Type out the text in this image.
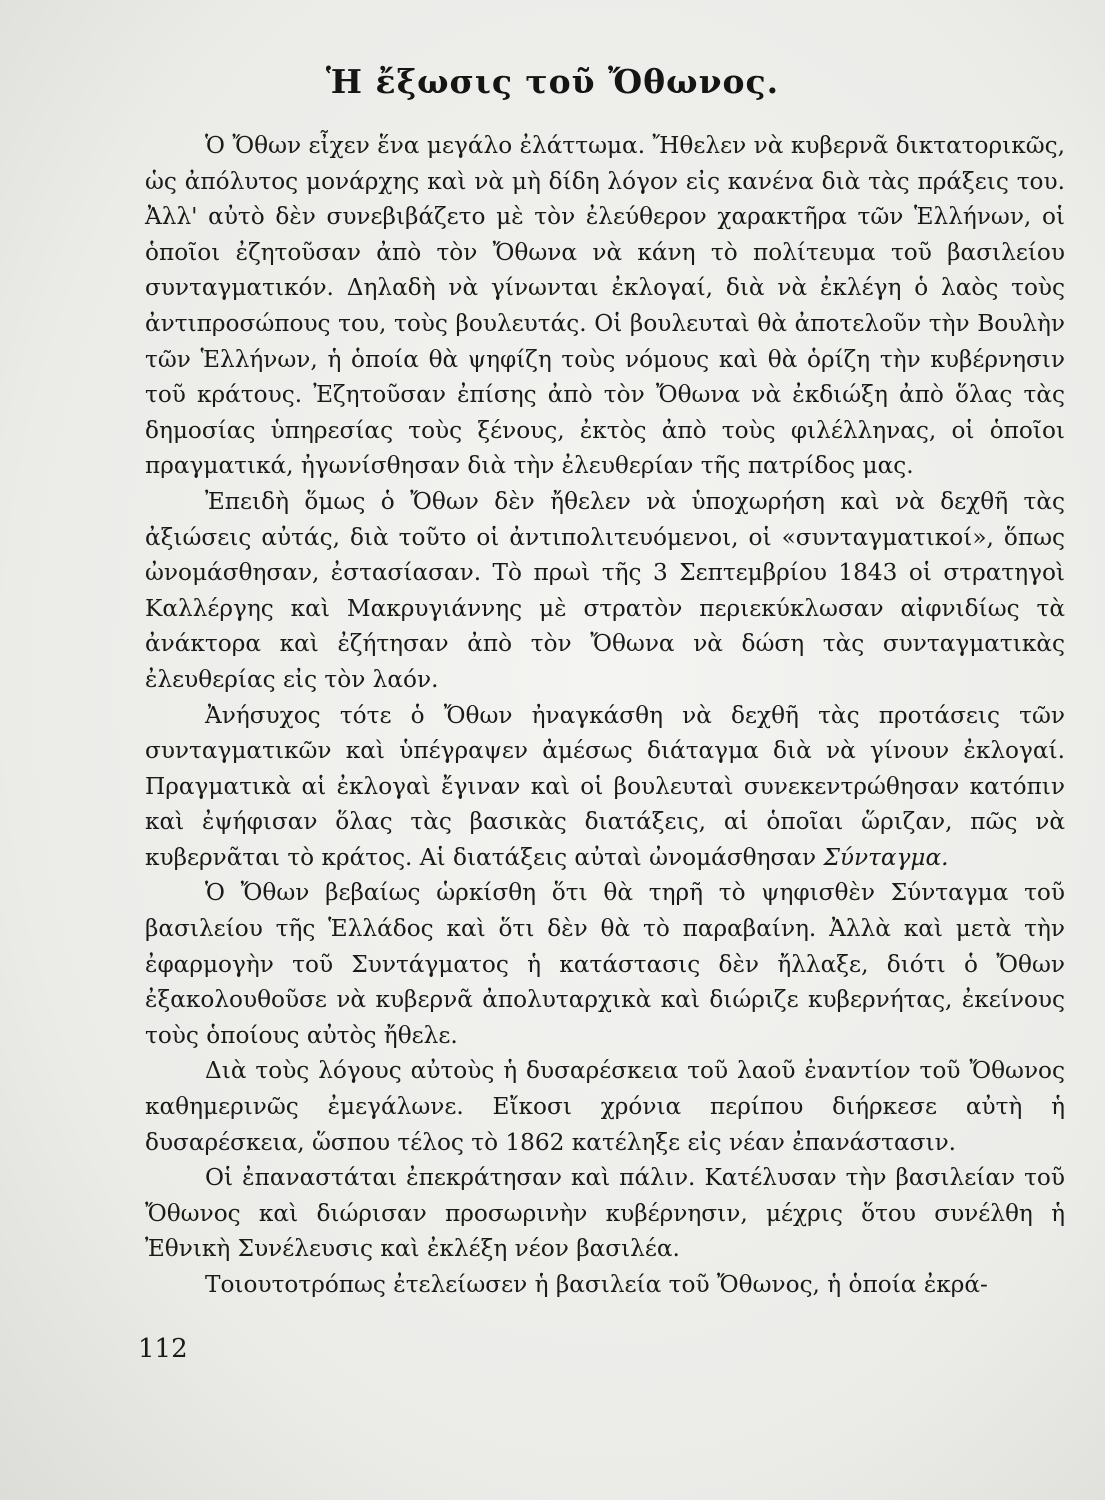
Ἡ ἔξωσις τοῦ Ὄθωνος.

Ὁ Ὄθων εἶχεν ἕνα μεγάλο ἐλάττωμα. Ἤθελεν νὰ κυβερνᾶ δικτατορικῶς, ὡς ἀπόλυτος μονάρχης καὶ νὰ μὴ δίδη λόγον εἰς κανένα διὰ τὰς πράξεις του. Ἀλλ' αὐτὸ δὲν συνεβιβάζετο μὲ τὸν ἐλεύθερον χαρακτῆρα τῶν Ἑλλήνων, οἱ ὁποῖοι ἐζητοῦσαν ἀπὸ τὸν Ὄθωνα νὰ κάνη τὸ πολίτευμα τοῦ βασιλείου συνταγματικόν. Δηλαδὴ νὰ γίνωνται ἐκλογαί, διὰ νὰ ἐκλέγη ὁ λαὸς τοὺς ἀντιπροσώπους του, τοὺς βουλευτάς. Οἱ βουλευταὶ θὰ ἀποτελοῦν τὴν Βουλὴν τῶν Ἑλλήνων, ἡ ὁποία θὰ ψηφίζη τοὺς νόμους καὶ θὰ ὁρίζη τὴν κυβέρνησιν τοῦ κράτους. Ἐζητοῦσαν ἐπίσης ἀπὸ τὸν Ὄθωνα νὰ ἐκδιώξη ἀπὸ ὅλας τὰς δημοσίας ὑπηρεσίας τοὺς ξένους, ἐκτὸς ἀπὸ τοὺς φιλέλληνας, οἱ ὁποῖοι πραγματικά, ἠγωνίσθησαν διὰ τὴν ἐλευθερίαν τῆς πατρίδος μας.

Ἐπειδὴ ὅμως ὁ Ὄθων δὲν ἤθελεν νὰ ὑποχωρήση καὶ νὰ δεχθῆ τὰς ἀξιώσεις αὐτάς, διὰ τοῦτο οἱ ἀντιπολιτευόμενοι, οἱ «συνταγματικοί», ὅπως ὠνομάσθησαν, ἐστασίασαν. Τὸ πρωὶ τῆς 3 Σεπτεμβρίου 1843 οἱ στρατηγοὶ Καλλέργης καὶ Μακρυγιάννης μὲ στρατὸν περιεκύκλωσαν αἰφνιδίως τὰ ἀνάκτορα καὶ ἐζήτησαν ἀπὸ τὸν Ὄθωνα νὰ δώση τὰς συνταγματικὰς ἐλευθερίας εἰς τὸν λαόν.

Ἀνήσυχος τότε ὁ Ὄθων ἠναγκάσθη νὰ δεχθῆ τὰς προτάσεις τῶν συνταγματικῶν καὶ ὑπέγραψεν ἀμέσως διάταγμα διὰ νὰ γίνουν ἐκλογαί. Πραγματικὰ αἱ ἐκλογαὶ ἔγιναν καὶ οἱ βουλευταὶ συνεκεντρώθησαν κατόπιν καὶ ἐψήφισαν ὅλας τὰς βασικὰς διατάξεις, αἱ ὁποῖαι ὥριζαν, πῶς νὰ κυβερνᾶται τὸ κράτος. Αἱ διατάξεις αὐταὶ ὠνομάσθησαν Σύνταγμα.

Ὁ Ὄθων βεβαίως ὡρκίσθη ὅτι θὰ τηρῆ τὸ ψηφισθὲν Σύνταγμα τοῦ βασιλείου τῆς Ἑλλάδος καὶ ὅτι δὲν θὰ τὸ παραβαίνη. Ἀλλὰ καὶ μετὰ τὴν ἐφαρμογὴν τοῦ Συντάγματος ἡ κατάστασις δὲν ἤλλαξε, διότι ὁ Ὄθων ἐξακολουθοῦσε νὰ κυβερνᾶ ἀπολυταρχικὰ καὶ διώριζε κυβερνήτας, ἐκείνους τοὺς ὁποίους αὐτὸς ἤθελε.

Διὰ τοὺς λόγους αὐτοὺς ἡ δυσαρέσκεια τοῦ λαοῦ ἐναντίον τοῦ Ὄθωνος καθημερινῶς ἐμεγάλωνε. Εἴκοσι χρόνια περίπου διήρκεσε αὐτὴ ἡ δυσαρέσκεια, ὥσπου τέλος τὸ 1862 κατέληξε εἰς νέαν ἐπανάστασιν.

Οἱ ἐπαναστάται ἐπεκράτησαν καὶ πάλιν. Κατέλυσαν τὴν βασιλείαν τοῦ Ὄθωνος καὶ διώρισαν προσωρινὴν κυβέρνησιν, μέχρις ὅτου συνέλθη ἡ Ἐθνικὴ Συνέλευσις καὶ ἐκλέξη νέον βασιλέα.

Τοιουτοτρόπως ἐτελείωσεν ἡ βασιλεία τοῦ Ὄθωνος, ἡ ὁποία ἐκρά-

112
